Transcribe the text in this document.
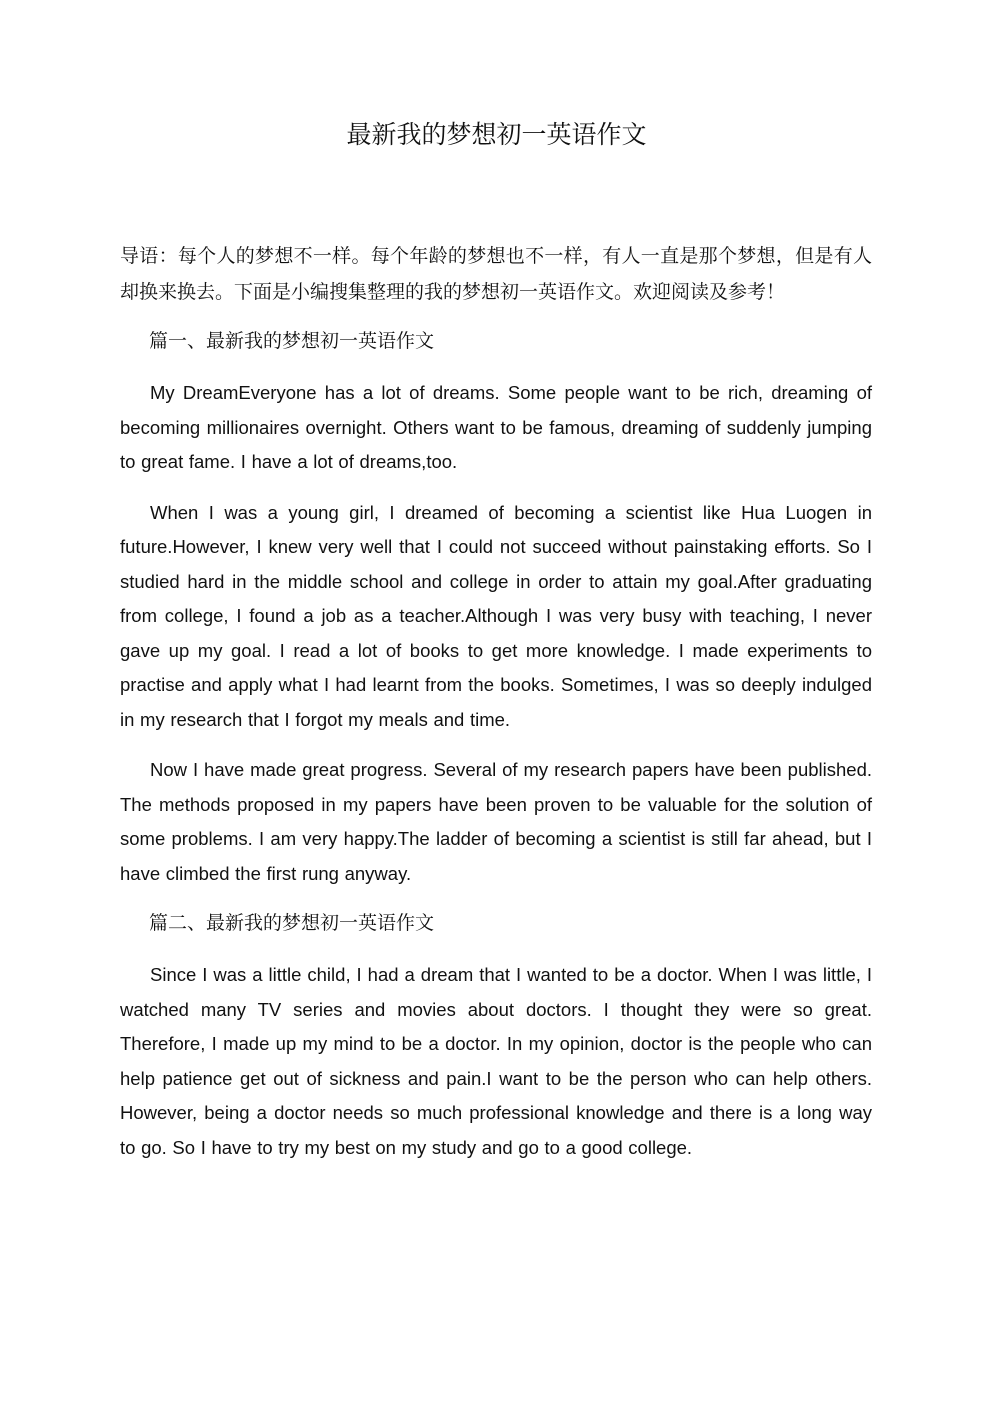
最新我的梦想初一英语作文

导语：每个人的梦想不一样。每个年龄的梦想也不一样，有人一直是那个梦想，但是有人却换来换去。下面是小编搜集整理的我的梦想初一英语作文。欢迎阅读及参考！

篇一、最新我的梦想初一英语作文

My DreamEveryone has a lot of dreams. Some people want to be rich, dreaming of becoming millionaires overnight. Others want to be famous, dreaming of suddenly jumping to great fame. I have a lot of dreams,too.

When I was a young girl, I dreamed of becoming a scientist like Hua Luogen in future.However, I knew very well that I could not succeed without painstaking efforts. So I studied hard in the middle school and college in order to attain my goal.After graduating from college, I found a job as a teacher.Although I was very busy with teaching, I never gave up my goal. I read a lot of books to get more knowledge. I made experiments to practise and apply what I had learnt from the books. Sometimes, I was so deeply indulged in my research that I forgot my meals and time.

Now I have made great progress. Several of my research papers have been published. The methods proposed in my papers have been proven to be valuable for the solution of some problems. I am very happy.The ladder of becoming a scientist is still far ahead, but I have climbed the first rung anyway.

篇二、最新我的梦想初一英语作文

Since I was a little child, I had a dream that I wanted to be a doctor. When I was little, I watched many TV series and movies about doctors. I thought they were so great. Therefore, I made up my mind to be a doctor. In my opinion, doctor is the people who can help patience get out of sickness and pain.I want to be the person who can help others. However, being a doctor needs so much professional knowledge and there is a long way to go. So I have to try my best on my study and go to a good college.
